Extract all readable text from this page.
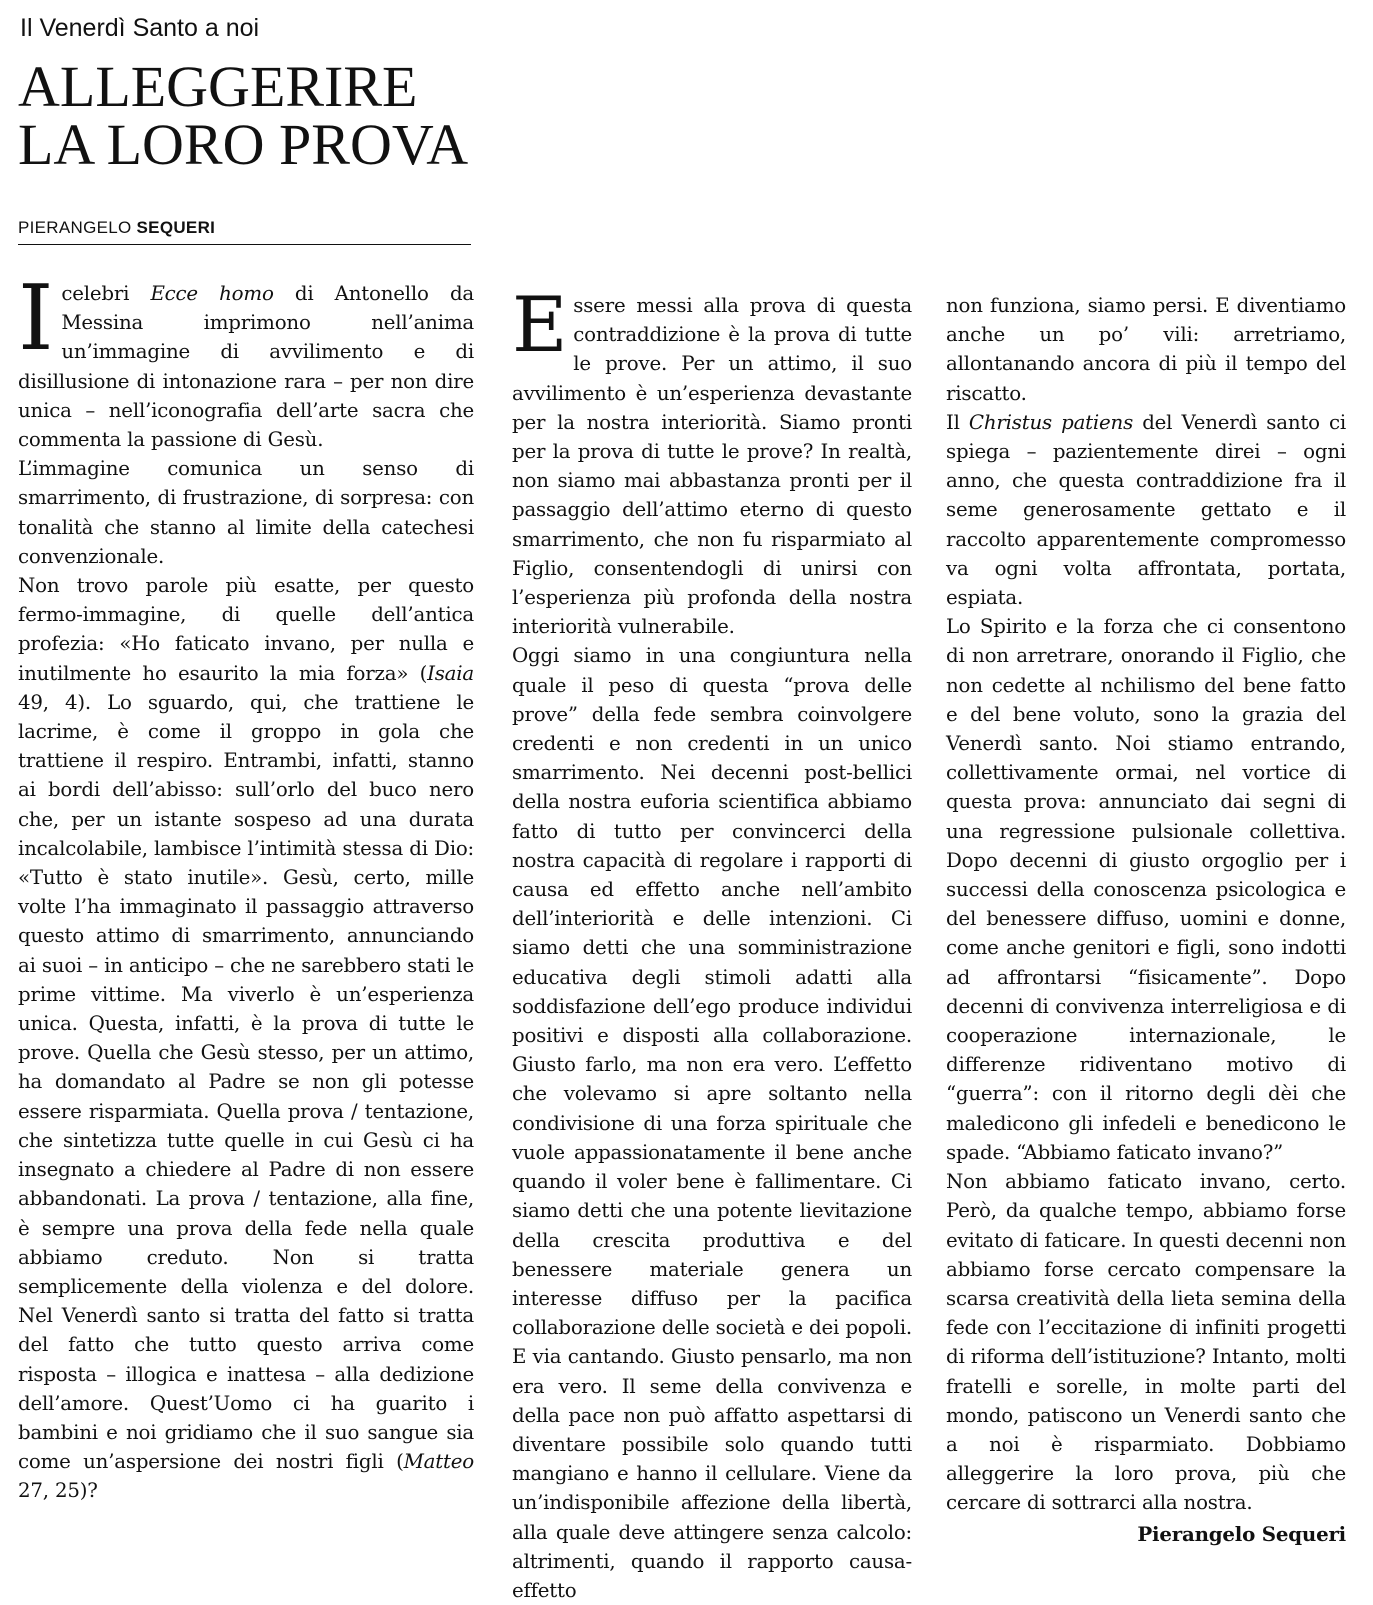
Il Venerdì Santo a noi
ALLEGGERIRE
LA LORO PROVA
PIERANGELO SEQUERI

Icelebri Ecce homo di Antonello da Messina imprimono nell’anima un’immagine di avvilimento e di disillusione di intonazione rara – per non dire unica – nell’iconografia dell’arte sacra che commenta la passione di Gesù.

L’immagine comunica un senso di smarrimento, di frustrazione, di sorpresa: con tonalità che stanno al limite della catechesi convenzionale.

Non trovo parole più esatte, per questo fermo-immagine, di quelle dell’antica profezia: «Ho faticato invano, per nulla e inutilmente ho esaurito la mia forza» (Isaia 49, 4). Lo sguardo, qui, che trattiene le lacrime, è come il groppo in gola che trattiene il respiro. Entrambi, infatti, stanno ai bordi dell’abisso: sull’orlo del buco nero che, per un istante sospeso ad una durata incalcolabile, lambisce l’intimità stessa di Dio: «Tutto è stato inutile». Gesù, certo, mille volte l’ha immaginato il passaggio attraverso questo attimo di smarrimento, annunciando ai suoi – in anticipo – che ne sarebbero stati le prime vittime. Ma viverlo è un’esperienza unica. Questa, infatti, è la prova di tutte le prove. Quella che Gesù stesso, per un attimo, ha domandato al Padre se non gli potesse essere risparmiata. Quella prova / tentazione, che sintetizza tutte quelle in cui Gesù ci ha insegnato a chiedere al Padre di non essere abbandonati. La prova / tentazione, alla fine, è sempre una prova della fede nella quale abbiamo creduto. Non si tratta semplicemente della violenza e del dolore. Nel Venerdì santo si tratta del fatto si tratta del fatto che tutto questo arriva come risposta – illogica e inattesa – alla dedizione dell’amore. Quest’Uomo ci ha guarito i bambini e noi gridiamo che il suo sangue sia come un’aspersione dei nostri figli (Matteo 27, 25)?

Essere messi alla prova di questa contraddizione è la prova di tutte le prove. Per un attimo, il suo avvilimento è un’esperienza devastante per la nostra interiorità. Siamo pronti per la prova di tutte le prove? In realtà, non siamo mai abbastanza pronti per il passaggio dell’attimo eterno di questo smarrimento, che non fu risparmiato al Figlio, consentendogli di unirsi con l’esperienza più profonda della nostra interiorità vulnerabile.

Oggi siamo in una congiuntura nella quale il peso di questa “prova delle prove” della fede sembra coinvolgere credenti e non credenti in un unico smarrimento. Nei decenni post-bellici della nostra euforia scientifica abbiamo fatto di tutto per convincerci della nostra capacità di regolare i rapporti di causa ed effetto anche nell’ambito dell’interiorità e delle intenzioni. Ci siamo detti che una somministrazione educativa degli stimoli adatti alla soddisfazione dell’ego produce individui positivi e disposti alla collaborazione. Giusto farlo, ma non era vero. L’effetto che volevamo si apre soltanto nella condivisione di una forza spirituale che vuole appassionatamente il bene anche quando il voler bene è fallimentare. Ci siamo detti che una potente lievitazione della crescita produttiva e del benessere materiale genera un interesse diffuso per la pacifica collaborazione delle società e dei popoli. E via cantando. Giusto pensarlo, ma non era vero. Il seme della convivenza e della pace non può affatto aspettarsi di diventare possibile solo quando tutti mangiano e hanno il cellulare. Viene da un’indisponibile affezione della libertà, alla quale deve attingere senza calcolo: altrimenti, quando il rapporto causa-effetto

non funziona, siamo persi. E diventiamo anche un po’ vili: arretriamo, allontanando ancora di più il tempo del riscatto.

Il Christus patiens del Venerdì santo ci spiega – pazientemente direi – ogni anno, che questa contraddizione fra il seme generosamente gettato e il raccolto apparentemente compromesso va ogni volta affrontata, portata, espiata.

Lo Spirito e la forza che ci consentono di non arretrare, onorando il Figlio, che non cedette al nchilismo del bene fatto e del bene voluto, sono la grazia del Venerdì santo. Noi stiamo entrando, collettivamente ormai, nel vortice di questa prova: annunciato dai segni di una regressione pulsionale collettiva. Dopo decenni di giusto orgoglio per i successi della conoscenza psicologica e del benessere diffuso, uomini e donne, come anche genitori e figli, sono indotti ad affrontarsi “fisicamente”. Dopo decenni di convivenza interreligiosa e di cooperazione internazionale, le differenze ridiventano motivo di “guerra”: con il ritorno degli dèi che maledicono gli infedeli e benedicono le spade. “Abbiamo faticato invano?”

Non abbiamo faticato invano, certo. Però, da qualche tempo, abbiamo forse evitato di faticare. In questi decenni non abbiamo forse cercato compensare la scarsa creatività della lieta semina della fede con l’eccitazione di infiniti progetti di riforma dell’istituzione? Intanto, molti fratelli e sorelle, in molte parti del mondo, patiscono un Venerdi santo che a noi è risparmiato. Dobbiamo alleggerire la loro prova, più che cercare di sottrarci alla nostra.

Pierangelo Sequeri
